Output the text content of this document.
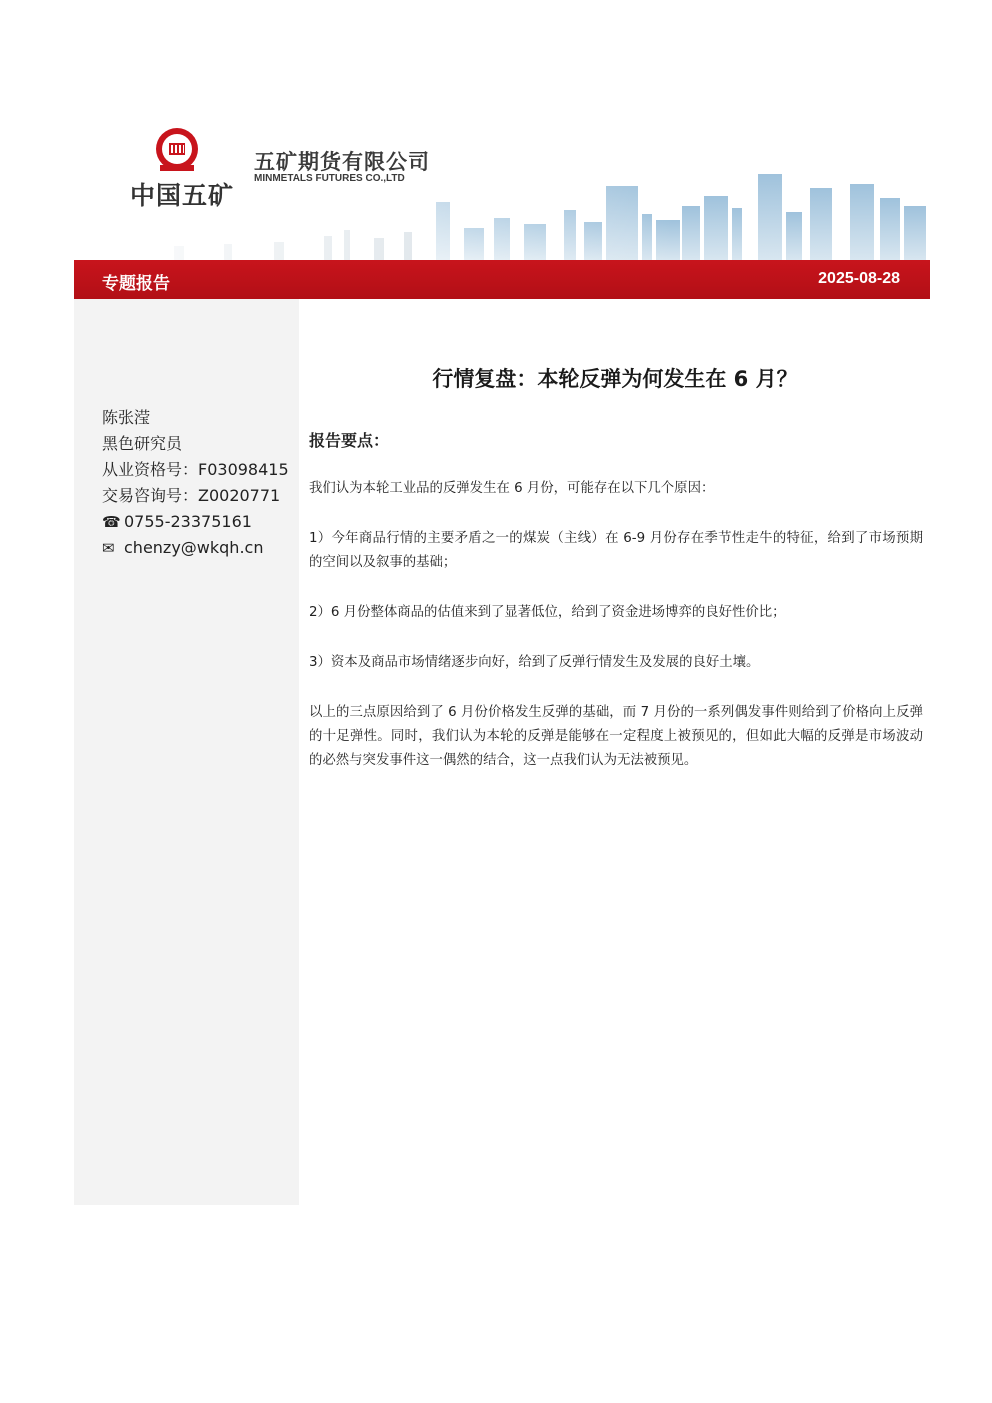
中国五矿
五矿期货有限公司
MINMETALS FUTURES CO.,LTD
专题报告	2025-08-28
陈张滢
黑色研究员
从业资格号：F03098415
交易咨询号：Z0020771
☎ 0755-23375161
✉ chenzy@wkqh.cn
行情复盘：本轮反弹为何发生在 6 月？
报告要点：

我们认为本轮工业品的反弹发生在 6 月份，可能存在以下几个原因：

1）今年商品行情的主要矛盾之一的煤炭（主线）在 6-9 月份存在季节性走牛的特征，给到了市场预期的空间以及叙事的基础；

2）6 月份整体商品的估值来到了显著低位，给到了资金进场博弈的良好性价比；

3）资本及商品市场情绪逐步向好，给到了反弹行情发生及发展的良好土壤。

以上的三点原因给到了 6 月份价格发生反弹的基础，而 7 月份的一系列偶发事件则给到了价格向上反弹的十足弹性。同时，我们认为本轮的反弹是能够在一定程度上被预见的，但如此大幅的反弹是市场波动的必然与突发事件这一偶然的结合，这一点我们认为无法被预见。
